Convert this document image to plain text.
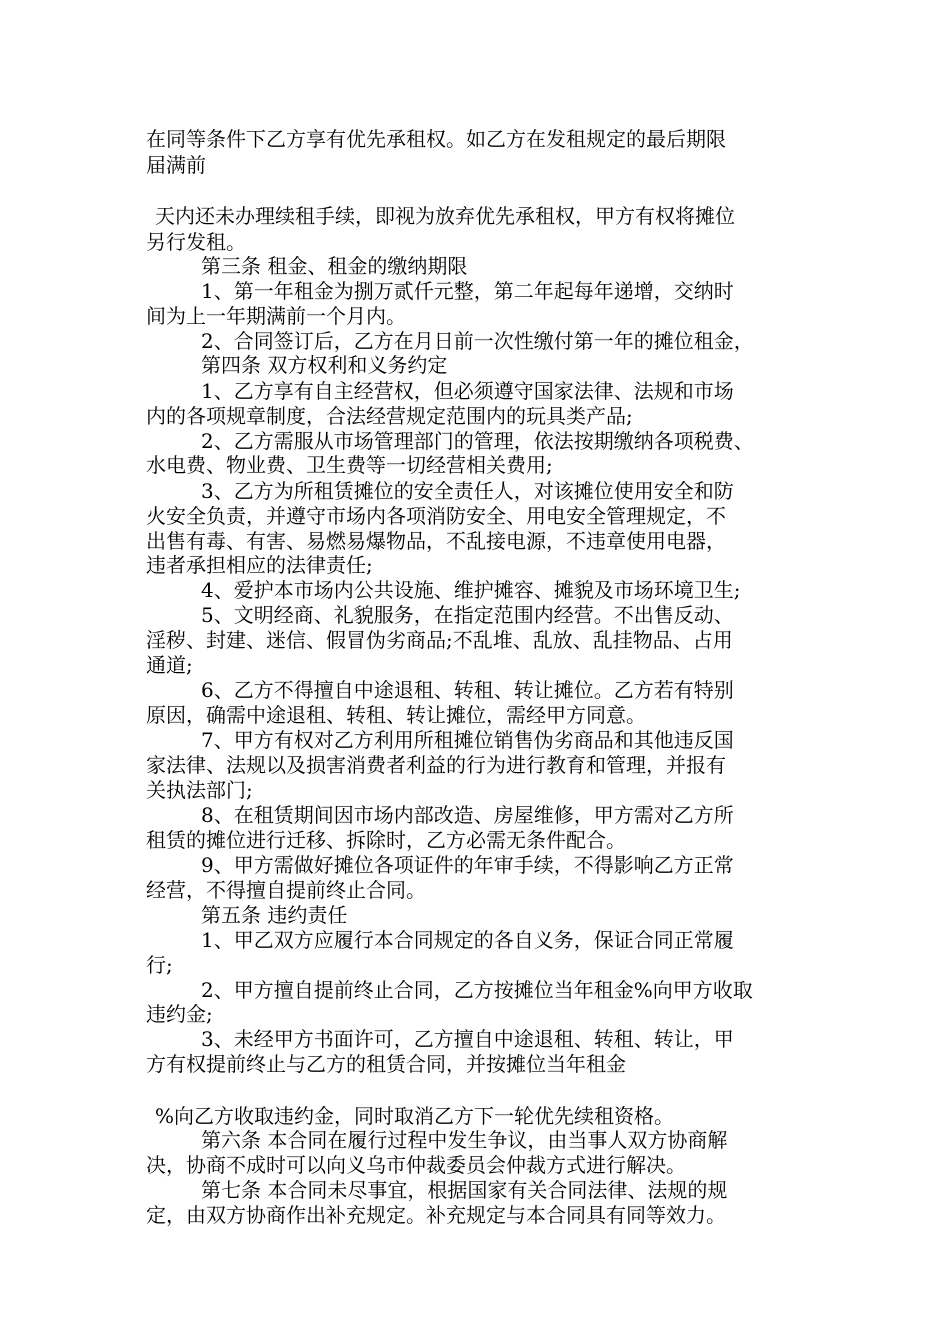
在同等条件下乙方享有优先承租权。如乙方在发租规定的最后期限
届满前
天内还未办理续租手续，即视为放弃优先承租权，甲方有权将摊位
另行发租。
第三条 租金、租金的缴纳期限
1、第一年租金为捌万贰仟元整，第二年起每年递增，交纳时
间为上一年期满前一个月内。
2、合同签订后，乙方在月日前一次性缴付第一年的摊位租金，
第四条 双方权利和义务约定
1、乙方享有自主经营权，但必须遵守国家法律、法规和市场
内的各项规章制度，合法经营规定范围内的玩具类产品;
2、乙方需服从市场管理部门的管理，依法按期缴纳各项税费、
水电费、物业费、卫生费等一切经营相关费用;
3、乙方为所租赁摊位的安全责任人，对该摊位使用安全和防
火安全负责，并遵守市场内各项消防安全、用电安全管理规定，不
出售有毒、有害、易燃易爆物品，不乱接电源，不违章使用电器，
违者承担相应的法律责任;
4、爱护本市场内公共设施、维护摊容、摊貌及市场环境卫生;
5、文明经商、礼貌服务，在指定范围内经营。不出售反动、
淫秽、封建、迷信、假冒伪劣商品;不乱堆、乱放、乱挂物品、占用
通道;
6、乙方不得擅自中途退租、转租、转让摊位。乙方若有特别
原因，确需中途退租、转租、转让摊位，需经甲方同意。
7、甲方有权对乙方利用所租摊位销售伪劣商品和其他违反国
家法律、法规以及损害消费者利益的行为进行教育和管理，并报有
关执法部门;
8、在租赁期间因市场内部改造、房屋维修，甲方需对乙方所
租赁的摊位进行迁移、拆除时，乙方必需无条件配合。
9、甲方需做好摊位各项证件的年审手续，不得影响乙方正常
经营，不得擅自提前终止合同。
第五条 违约责任
1、甲乙双方应履行本合同规定的各自义务，保证合同正常履
行;
2、甲方擅自提前终止合同，乙方按摊位当年租金%向甲方收取
违约金;
3、未经甲方书面许可，乙方擅自中途退租、转租、转让，甲
方有权提前终止与乙方的租赁合同，并按摊位当年租金
%向乙方收取违约金，同时取消乙方下一轮优先续租资格。
第六条 本合同在履行过程中发生争议，由当事人双方协商解
决，协商不成时可以向义乌市仲裁委员会仲裁方式进行解决。
第七条 本合同未尽事宜，根据国家有关合同法律、法规的规
定，由双方协商作出补充规定。补充规定与本合同具有同等效力。
